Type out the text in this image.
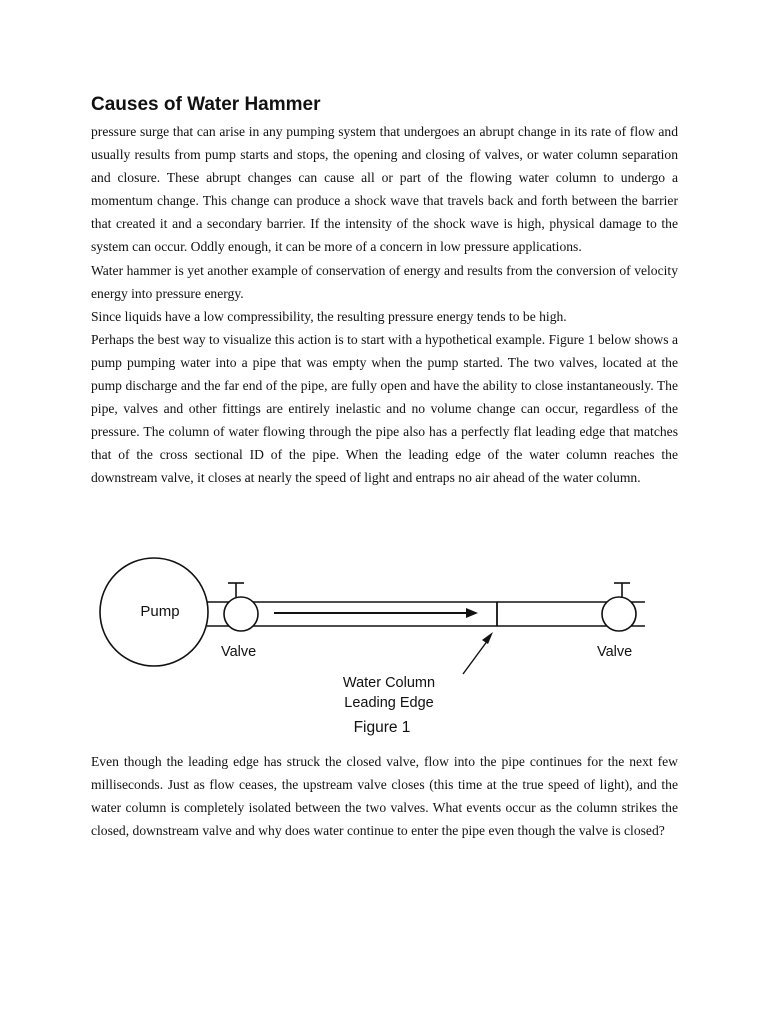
Causes of Water Hammer

pressure surge that can arise in any pumping system that undergoes an abrupt change in its rate of flow and usually results from pump starts and stops, the opening and closing of valves, or water column separation and closure. These abrupt changes can cause all or part of the flowing water column to undergo a momentum change. This change can produce a shock wave that travels back and forth between the barrier that created it and a secondary barrier. If the intensity of the shock wave is high, physical damage to the system can occur. Oddly enough, it can be more of a concern in low pressure applications.

Water hammer is yet another example of conservation of energy and results from the conversion of velocity energy into pressure energy.

Since liquids have a low compressibility, the resulting pressure energy tends to be high.

Perhaps the best way to visualize this action is to start with a hypothetical example. Figure 1 below shows a pump pumping water into a pipe that was empty when the pump started. The two valves, located at the pump discharge and the far end of the pipe, are fully open and have the ability to close instantaneously. The pipe, valves and other fittings are entirely inelastic and no volume change can occur, regardless of the pressure. The column of water flowing through the pipe also has a perfectly flat leading edge that matches that of the cross sectional ID of the pipe. When the leading edge of the water column reaches the downstream valve, it closes at nearly the speed of light and entraps no air ahead of the water column.

Pump
Valve	Valve
Water Column
Leading Edge
Figure 1

Even though the leading edge has struck the closed valve, flow into the pipe continues for the next few milliseconds. Just as flow ceases, the upstream valve closes (this time at the true speed of light), and the water column is completely isolated between the two valves. What events occur as the column strikes the closed, downstream valve and why does water continue to enter the pipe even though the valve is closed?
